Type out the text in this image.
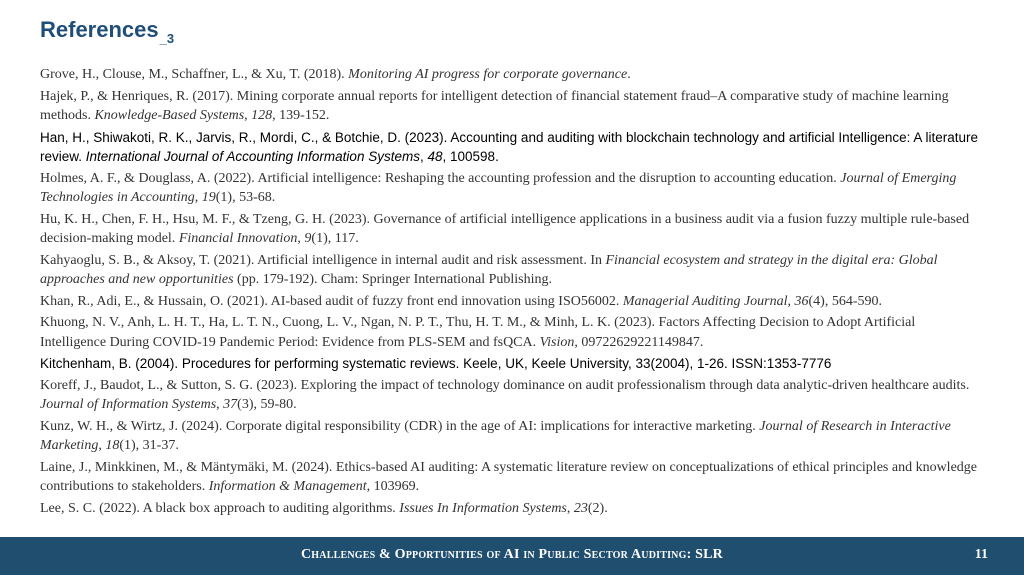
References$_{\_3}$
Grove, H., Clouse, M., Schaffner, L., & Xu, T. (2018). Monitoring AI progress for corporate governance.
Hajek, P., & Henriques, R. (2017). Mining corporate annual reports for intelligent detection of financial statement fraud–A comparative study of machine learning methods. Knowledge-Based Systems, 128, 139-152.
Han, H., Shiwakoti, R. K., Jarvis, R., Mordi, C., & Botchie, D. (2023). Accounting and auditing with blockchain technology and artificial Intelligence: A literature review. International Journal of Accounting Information Systems, 48, 100598.
Holmes, A. F., & Douglass, A. (2022). Artificial intelligence: Reshaping the accounting profession and the disruption to accounting education. Journal of Emerging Technologies in Accounting, 19(1), 53-68.
Hu, K. H., Chen, F. H., Hsu, M. F., & Tzeng, G. H. (2023). Governance of artificial intelligence applications in a business audit via a fusion fuzzy multiple rule-based decision-making model. Financial Innovation, 9(1), 117.
Kahyaoglu, S. B., & Aksoy, T. (2021). Artificial intelligence in internal audit and risk assessment. In Financial ecosystem and strategy in the digital era: Global approaches and new opportunities (pp. 179-192). Cham: Springer International Publishing.
Khan, R., Adi, E., & Hussain, O. (2021). AI-based audit of fuzzy front end innovation using ISO56002. Managerial Auditing Journal, 36(4), 564-590.
Khuong, N. V., Anh, L. H. T., Ha, L. T. N., Cuong, L. V., Ngan, N. P. T., Thu, H. T. M., & Minh, L. K. (2023). Factors Affecting Decision to Adopt Artificial Intelligence During COVID-19 Pandemic Period: Evidence from PLS-SEM and fsQCA. Vision, 09722629221149847.
Kitchenham, B. (2004). Procedures for performing systematic reviews. Keele, UK, Keele University, 33(2004), 1-26. ISSN:1353-7776
Koreff, J., Baudot, L., & Sutton, S. G. (2023). Exploring the impact of technology dominance on audit professionalism through data analytic-driven healthcare audits. Journal of Information Systems, 37(3), 59-80.
Kunz, W. H., & Wirtz, J. (2024). Corporate digital responsibility (CDR) in the age of AI: implications for interactive marketing. Journal of Research in Interactive Marketing, 18(1), 31-37.
Laine, J., Minkkinen, M., & Mäntymäki, M. (2024). Ethics-based AI auditing: A systematic literature review on conceptualizations of ethical principles and knowledge contributions to stakeholders. Information & Management, 103969.
Lee, S. C. (2022). A black box approach to auditing algorithms. Issues In Information Systems, 23(2).
Challenges & Opportunities of AI in Public Sector Auditing: SLR	11
